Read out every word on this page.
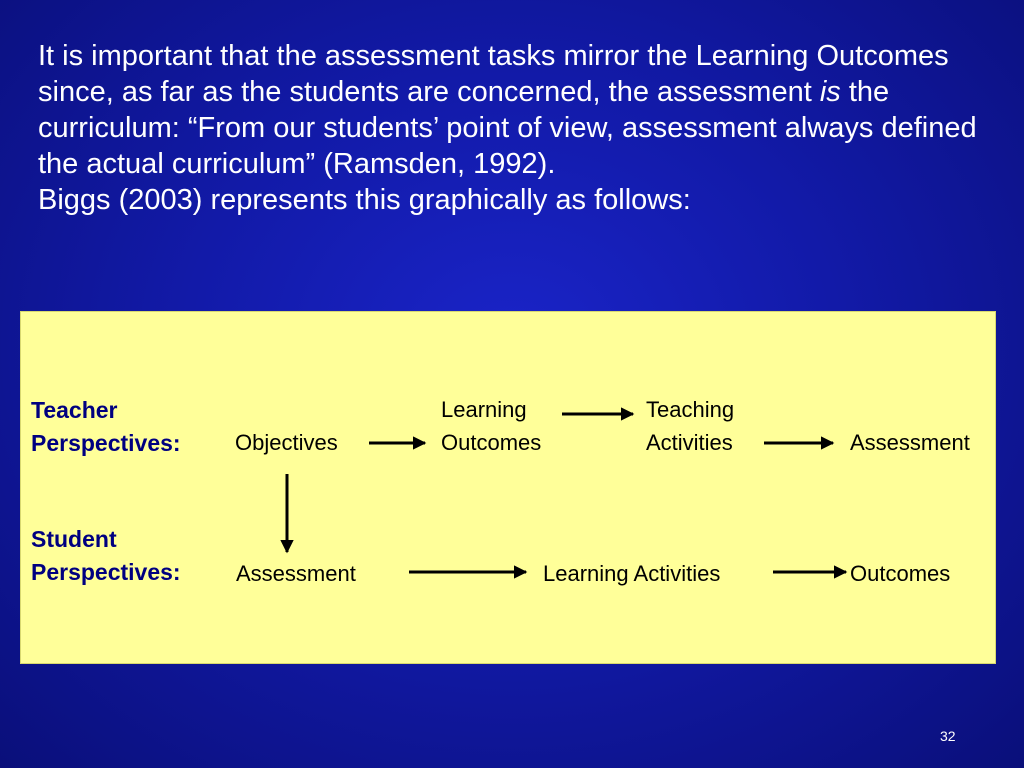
It is important that the assessment tasks mirror the Learning Outcomes since, as far as the students are concerned, the assessment is the curriculum: “From our students’ point of view, assessment always defined the actual curriculum” (Ramsden, 1992).

Biggs (2003) represents this graphically as follows:

Teacher
Perspectives: Objectives
Learning
Outcomes
Teaching
Activities	Assessment
Student
Perspectives:	Assessment	Learning Activities	Outcomes
32
